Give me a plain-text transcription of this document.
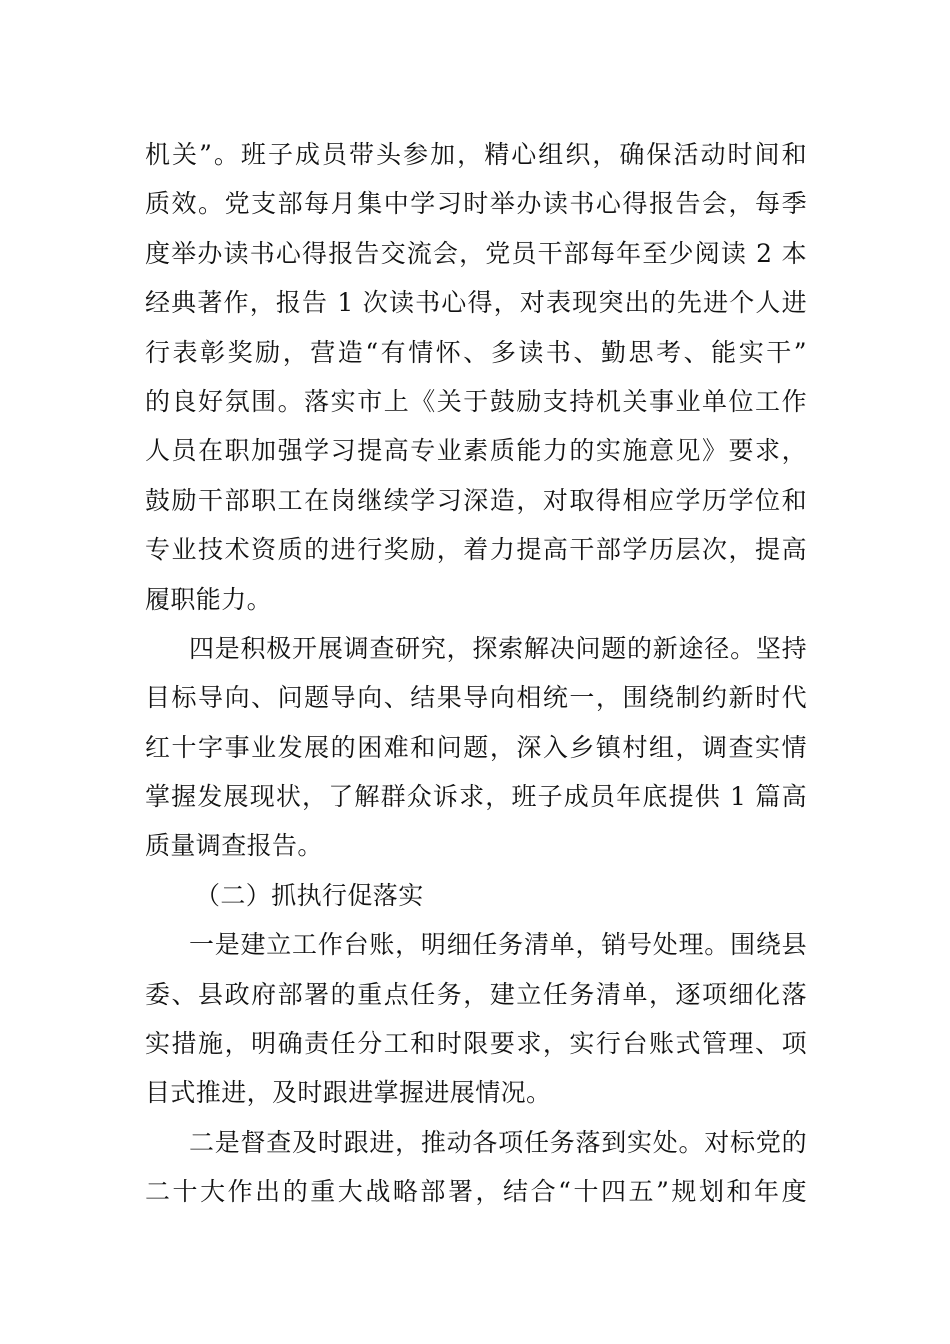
机关”。班子成员带头参加，精心组织，确保活动时间和
质效。党支部每月集中学习时举办读书心得报告会，每季
度举办读书心得报告交流会，党员干部每年至少阅读 2 本
经典著作，报告 1 次读书心得，对表现突出的先进个人进
行表彰奖励，营造“有情怀、多读书、勤思考、能实干”
的良好氛围。落实市上《关于鼓励支持机关事业单位工作
人员在职加强学习提高专业素质能力的实施意见》要求，
鼓励干部职工在岗继续学习深造，对取得相应学历学位和
专业技术资质的进行奖励，着力提高干部学历层次，提高
履职能力。
四是积极开展调查研究，探索解决问题的新途径。坚持
目标导向、问题导向、结果导向相统一，围绕制约新时代
红十字事业发展的困难和问题，深入乡镇村组，调查实情
掌握发展现状，了解群众诉求，班子成员年底提供 1 篇高
质量调查报告。
（二）抓执行促落实
一是建立工作台账，明细任务清单，销号处理。围绕县
委、县政府部署的重点任务，建立任务清单，逐项细化落
实措施，明确责任分工和时限要求，实行台账式管理、项
目式推进，及时跟进掌握进展情况。
二是督查及时跟进，推动各项任务落到实处。对标党的
二十大作出的重大战略部署，结合“十四五”规划和年度
